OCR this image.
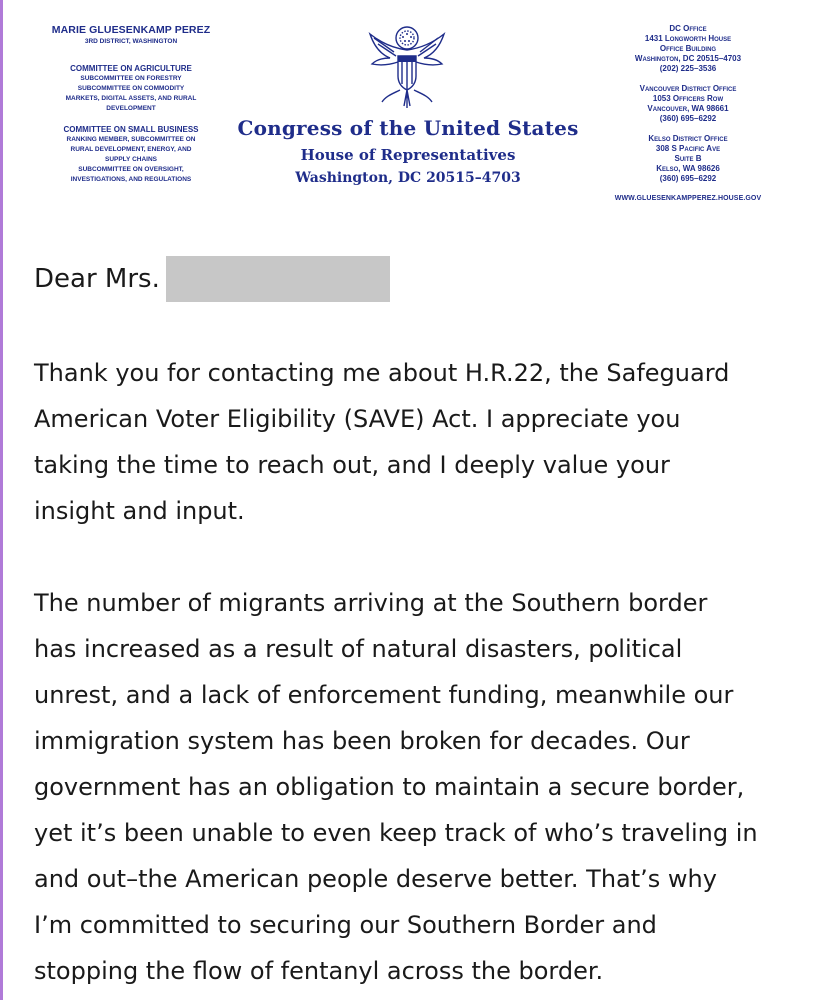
MARIE GLUESENKAMP PEREZ
3RD DISTRICT, WASHINGTON
COMMITTEE ON AGRICULTURE
SUBCOMMITTEE ON FORESTRY
SUBCOMMITTEE ON COMMODITY
MARKETS, DIGITAL ASSETS, AND RURAL
DEVELOPMENT
COMMITTEE ON SMALL BUSINESS
RANKING MEMBER, SUBCOMMITTEE ON
RURAL DEVELOPMENT, ENERGY, AND
SUPPLY CHAINS
SUBCOMMITTEE ON OVERSIGHT,
INVESTIGATIONS, AND REGULATIONS
Congress of the United States
House of Representatives
Washington, DC 20515–4703
DC Office
1431 Longworth House
Office Building
Washington, DC 20515–4703
(202) 225–3536
Vancouver District Office
1053 Officers Row
Vancouver, WA 98661
(360) 695–6292
Kelso District Office
308 S Pacific Ave
Suite B
Kelso, WA 98626
(360) 695–6292
WWW.GLUESENKAMPPEREZ.HOUSE.GOV
Dear Mrs.
Thank you for contacting me about H.R.22, the Safeguard
American Voter Eligibility (SAVE) Act. I appreciate you
taking the time to reach out, and I deeply value your
insight and input.
The number of migrants arriving at the Southern border
has increased as a result of natural disasters, political
unrest, and a lack of enforcement funding, meanwhile our
immigration system has been broken for decades. Our
government has an obligation to maintain a secure border,
yet it’s been unable to even keep track of who’s traveling in
and out–the American people deserve better. That’s why
I’m committed to securing our Southern Border and
stopping the flow of fentanyl across the border.
